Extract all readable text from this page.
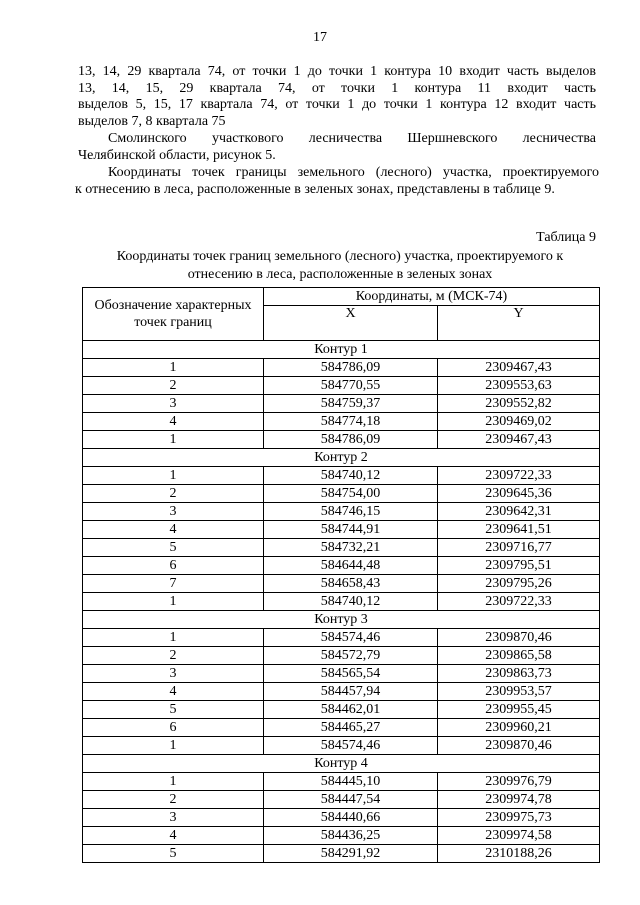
17
13, 14, 29 квартала 74, от точки 1 до точки 1 контура 10 входит часть выделов
13, 14, 15, 29 квартала 74, от точки 1 контура 11 входит часть
выделов 5, 15, 17 квартала 74, от точки 1 до точки 1 контура 12 входит часть
выделов 7, 8 квартала 75
Смолинского участкового лесничества Шершневского лесничества
Челябинской области, рисунок 5.
Координаты точек границы земельного (лесного) участка, проектируемого
к отнесению в леса, расположенные в зеленых зонах, представлены в таблице 9.
Таблица 9
Координаты точек границ земельного (лесного) участка, проектируемого к
отнесению в леса, расположенные в зеленых зонах
Обозначение характерных точек границ	Координаты, м (МСК-74)	
	X	Y
Контур 1		
1	584786,09	2309467,43
2	584770,55	2309553,63
3	584759,37	2309552,82
4	584774,18	2309469,02
1	584786,09	2309467,43
Контур 2		
1	584740,12	2309722,33
2	584754,00	2309645,36
3	584746,15	2309642,31
4	584744,91	2309641,51
5	584732,21	2309716,77
6	584644,48	2309795,51
7	584658,43	2309795,26
1	584740,12	2309722,33
Контур 3		
1	584574,46	2309870,46
2	584572,79	2309865,58
3	584565,54	2309863,73
4	584457,94	2309953,57
5	584462,01	2309955,45
6	584465,27	2309960,21
1	584574,46	2309870,46
Контур 4		
1	584445,10	2309976,79
2	584447,54	2309974,78
3	584440,66	2309975,73
4	584436,25	2309974,58
5	584291,92	2310188,26
